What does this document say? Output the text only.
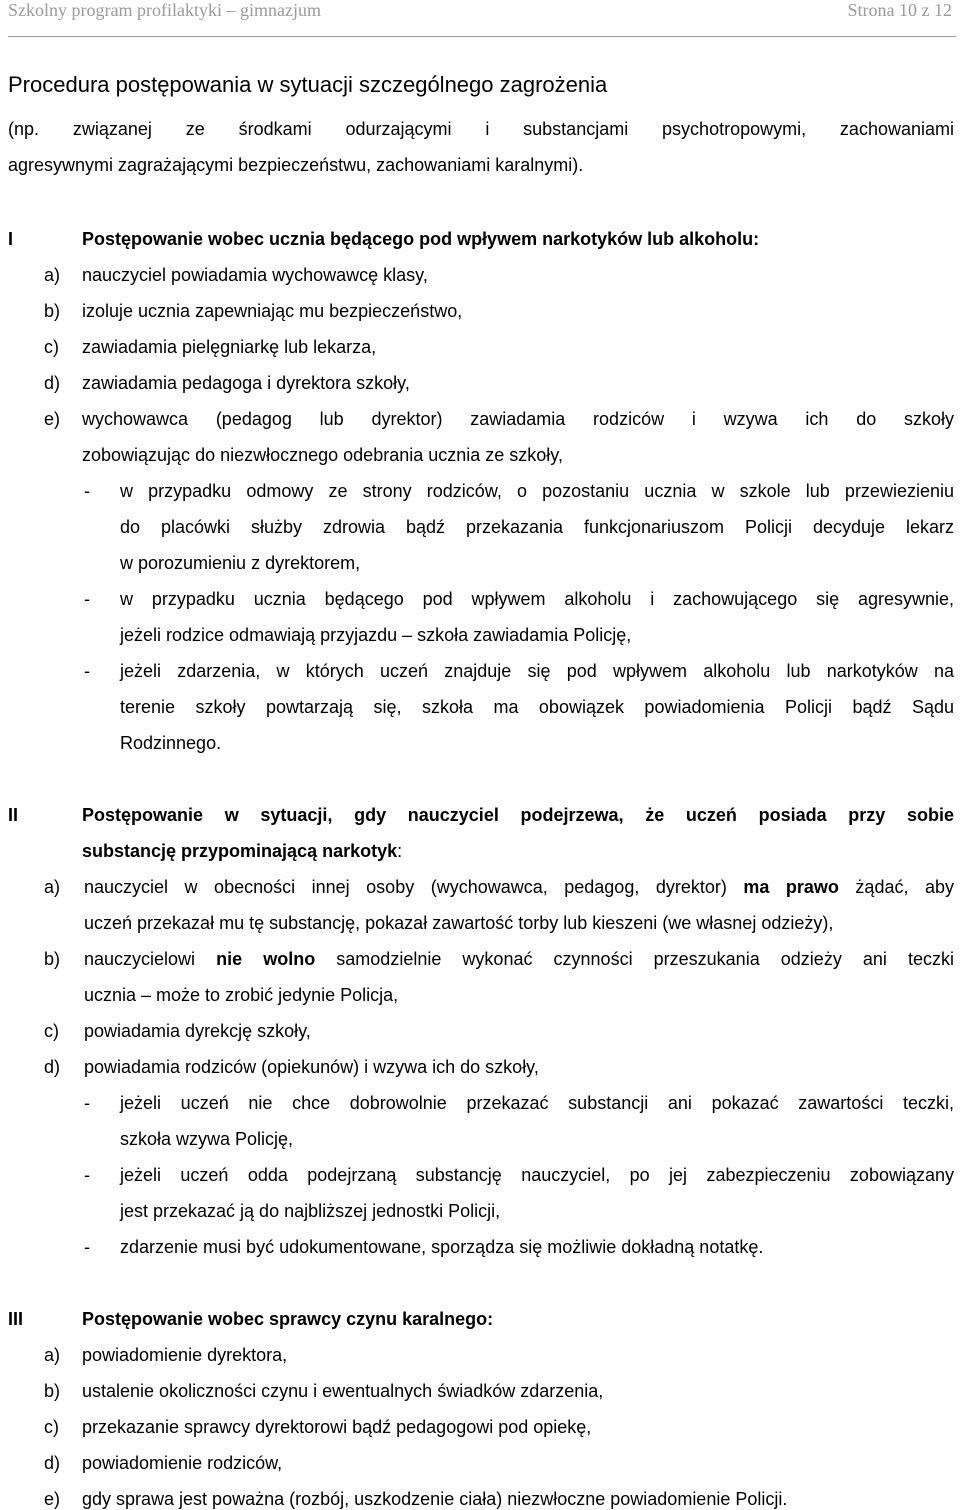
Szkolny program profilaktyki – gimnazjum	Strona 10 z 12
Procedura postępowania w sytuacji szczególnego zagrożenia
(np. związanej ze środkami odurzającymi i substancjami psychotropowymi, zachowaniami
agresywnymi zagrażającymi bezpieczeństwu, zachowaniami karalnymi).
I	Postępowanie wobec ucznia będącego pod wpływem narkotyków lub alkoholu:
a) nauczyciel powiadamia wychowawcę klasy,
b) izoluje ucznia zapewniając mu bezpieczeństwo,
c) zawiadamia pielęgniarkę lub lekarza,
d) zawiadamia pedagoga i dyrektora szkoły,
e) wychowawca (pedagog lub dyrektor) zawiadamia rodziców i wzywa ich do szkoły
zobowiązując do niezwłocznego odebrania ucznia ze szkoły,
- w przypadku odmowy ze strony rodziców, o pozostaniu ucznia w szkole lub przewiezieniu
do placówki służby zdrowia bądź przekazania funkcjonariuszom Policji decyduje lekarz
w porozumieniu z dyrektorem,
- w przypadku ucznia będącego pod wpływem alkoholu i zachowującego się agresywnie,
jeżeli rodzice odmawiają przyjazdu – szkoła zawiadamia Policję,
- jeżeli zdarzenia, w których uczeń znajduje się pod wpływem alkoholu lub narkotyków na
terenie szkoły powtarzają się, szkoła ma obowiązek powiadomienia Policji bądź Sądu
Rodzinnego.
II	Postępowanie w sytuacji, gdy nauczyciel podejrzewa, że uczeń posiada przy sobie
substancję przypominającą narkotyk:
a) nauczyciel w obecności innej osoby (wychowawca, pedagog, dyrektor) ma prawo żądać, aby
uczeń przekazał mu tę substancję, pokazał zawartość torby lub kieszeni (we własnej odzieży),
b) nauczycielowi nie wolno samodzielnie wykonać czynności przeszukania odzieży ani teczki
ucznia – może to zrobić jedynie Policja,
c) powiadamia dyrekcję szkoły,
d) powiadamia rodziców (opiekunów) i wzywa ich do szkoły,
- jeżeli uczeń nie chce dobrowolnie przekazać substancji ani pokazać zawartości teczki,
szkoła wzywa Policję,
- jeżeli uczeń odda podejrzaną substancję nauczyciel, po jej zabezpieczeniu zobowiązany
jest przekazać ją do najbliższej jednostki Policji,
- zdarzenie musi być udokumentowane, sporządza się możliwie dokładną notatkę.
III	Postępowanie wobec sprawcy czynu karalnego:
a) powiadomienie dyrektora,
b) ustalenie okoliczności czynu i ewentualnych świadków zdarzenia,
c) przekazanie sprawcy dyrektorowi bądź pedagogowi pod opiekę,
d) powiadomienie rodziców,
e) gdy sprawa jest poważna (rozbój, uszkodzenie ciała) niezwłoczne powiadomienie Policji.
